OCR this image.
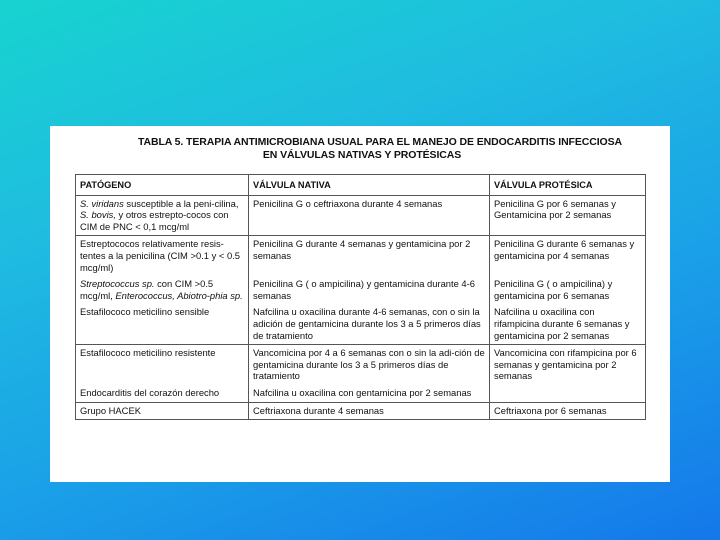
TABLA 5. TERAPIA ANTIMICROBIANA USUAL PARA EL MANEJO DE ENDOCARDITIS INFECCIOSA
EN VÁLVULAS NATIVAS Y PROTÉSICAS
PATÓGENO	VÁLVULA NATIVA	VÁLVULA PROTÉSICA
S. viridans susceptible a la peni-cilina, S. bovis, y otros estrepto-cocos con CIM de PNC < 0,1 mcg/ml	Penicilina G o ceftriaxona durante 4 semanas	Penicilina G por 6 semanas y Gentamicina por 2 semanas
Estreptococos relativamente resis-tentes a la penicilina (CIM >0.1 y < 0.5 mcg/ml)	Penicilina G durante 4 semanas y gentamicina por 2 semanas	Penicilina G durante 6 semanas y gentamicina por 4 semanas
Streptococcus sp. con CIM >0.5 mcg/ml, Enterococcus, Abiotro-phia sp.	Penicilina G ( o ampicilina) y gentamicina durante 4-6 semanas	Penicilina G ( o ampicilina) y gentamicina por 6 semanas
Estafilococo meticilino sensible	Nafcilina u oxacilina durante 4-6 semanas, con o sin la adición de gentamicina durante los 3 a 5 primeros días de tratamiento	Nafcilina u oxacilina con rifampicina durante 6 semanas y gentamicina por 2 semanas
Estafilococo meticilino resistente	Vancomicina por 4 a 6 semanas con o sin la adi-ción de gentamicina durante los 3 a 5 primeros días de tratamiento	Vancomicina con rifampicina por 6 semanas y gentamicina por 2 semanas
Endocarditis del corazón derecho	Nafcilina u oxacilina con gentamicina por 2 semanas	
Grupo HACEK	Ceftriaxona durante 4 semanas	Ceftriaxona por 6 semanas
